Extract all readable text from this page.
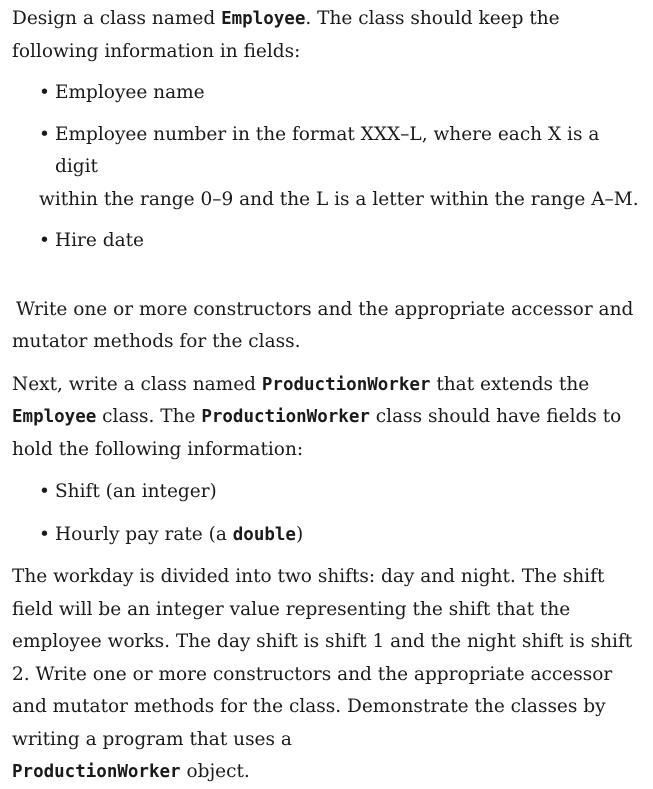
Design a class named Employee. The class should keep the following information in fields:

• Employee name
• Employee number in the format XXX–L, where each X is a digit
within the range 0–9 and the L is a letter within the range A–M.
• Hire date

Write one or more constructors and the appropriate accessor and mutator methods for the class.

Next, write a class named ProductionWorker that extends the
Employee class. The ProductionWorker class should have fields to hold the following information:

• Shift (an integer)
• Hourly pay rate (a double)

The workday is divided into two shifts: day and night. The shift field will be an integer value representing the shift that the employee works. The day shift is shift 1 and the night shift is shift 2. Write one or more constructors and the appropriate accessor and mutator methods for the class. Demonstrate the classes by writing a program that uses a
ProductionWorker object.
